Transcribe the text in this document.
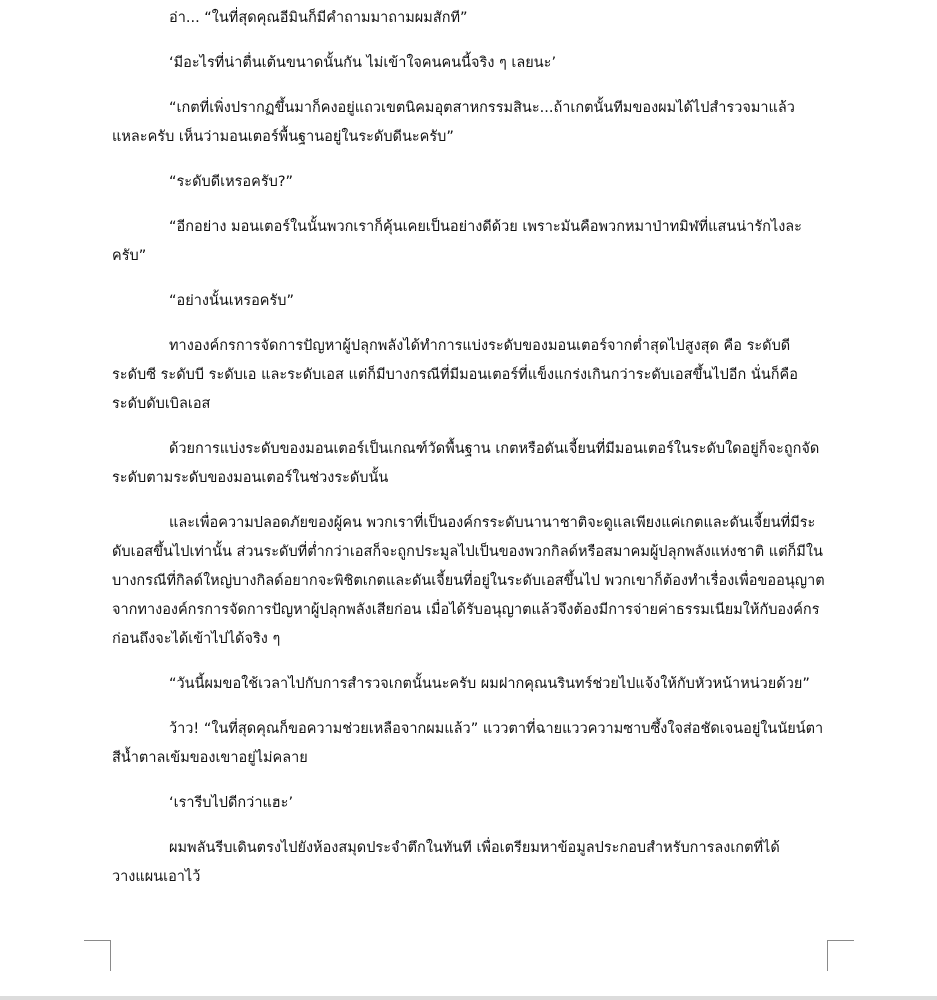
อ่า... “ในที่สุดคุณอีมินก็มีคำถามมาถามผมสักที”

‘มีอะไรที่น่าตื่นเต้นขนาดนั้นกัน ไม่เข้าใจคนคนนี้จริง ๆ เลยนะ’

“เกตที่เพิ่งปรากฏขึ้นมาก็คงอยู่แถวเขตนิคมอุตสาหกรรมสินะ...ถ้าเกตนั้นทีมของผมได้ไปสำรวจมาแล้วแหละครับ เห็นว่ามอนเตอร์พื้นฐานอยู่ในระดับดีนะครับ”

“ระดับดีเหรอครับ?”

“อีกอย่าง มอนเตอร์ในนั้นพวกเราก็คุ้นเคยเป็นอย่างดีด้วย เพราะมันคือพวกหมาป่าทมิฬที่แสนน่ารักไงละครับ”

“อย่างนั้นเหรอครับ”

ทางองค์กรการจัดการปัญหาผู้ปลุกพลังได้ทำการแบ่งระดับของมอนเตอร์จากต่ำสุดไปสูงสุด คือ ระดับดี ระดับซี ระดับบี ระดับเอ และระดับเอส แต่ก็มีบางกรณีที่มีมอนเตอร์ที่แข็งแกร่งเกินกว่าระดับเอสขึ้นไปอีก นั่นก็คือ ระดับดับเบิลเอส

ด้วยการแบ่งระดับของมอนเตอร์เป็นเกณฑ์วัดพื้นฐาน เกตหรือดันเจี้ยนที่มีมอนเตอร์ในระดับใดอยู่ก็จะถูกจัดระดับตามระดับของมอนเตอร์ในช่วงระดับนั้น

และเพื่อความปลอดภัยของผู้คน พวกเราที่เป็นองค์กรระดับนานาชาติจะดูแลเพียงแค่เกตและดันเจี้ยนที่มีระดับเอสขึ้นไปเท่านั้น ส่วนระดับที่ต่ำกว่าเอสก็จะถูกประมูลไปเป็นของพวกกิลด์หรือสมาคมผู้ปลุกพลังแห่งชาติ แต่ก็มีในบางกรณีที่กิลด์ใหญ่บางกิลด์อยากจะพิชิตเกตและดันเจี้ยนที่อยู่ในระดับเอสขึ้นไป พวกเขาก็ต้องทำเรื่องเพื่อขออนุญาตจากทางองค์กรการจัดการปัญหาผู้ปลุกพลังเสียก่อน เมื่อได้รับอนุญาตแล้วจึงต้องมีการจ่ายค่าธรรมเนียมให้กับองค์กรก่อนถึงจะได้เข้าไปได้จริง ๆ

“วันนี้ผมขอใช้เวลาไปกับการสำรวจเกตนั้นนะครับ ผมฝากคุณนรินทร์ช่วยไปแจ้งให้กับหัวหน้าหน่วยด้วย”

ว้าว! “ในที่สุดคุณก็ขอความช่วยเหลือจากผมแล้ว” แววตาที่ฉายแววความซาบซึ้งใจส่อชัดเจนอยู่ในนัยน์ตาสีน้ำตาลเข้มของเขาอยู่ไม่คลาย

‘เรารีบไปดีกว่าแฮะ’

ผมพลันรีบเดินตรงไปยังห้องสมุดประจำตึกในทันที เพื่อเตรียมหาข้อมูลประกอบสำหรับการลงเกตที่ได้วางแผนเอาไว้
